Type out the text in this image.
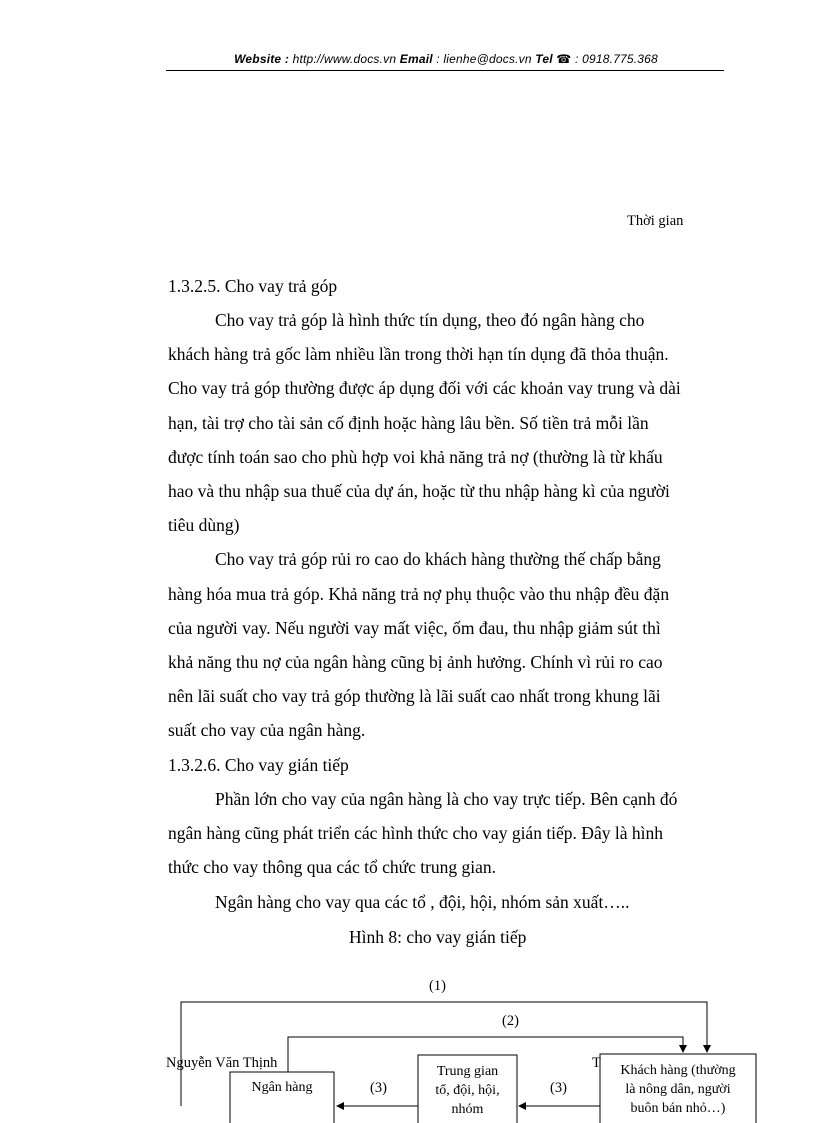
Website : http://www.docs.vn Email : lienhe@docs.vn Tel ☎ : 0918.775.368
Thời gian
1.3.2.5. Cho vay trả góp
Cho vay trả góp là hình thức tín dụng, theo đó ngân hàng cho
khách hàng trả gốc làm nhiều lần trong thời hạn tín dụng đã thỏa thuận.
Cho vay trả góp thường được áp dụng đối với các khoản vay trung và dài
hạn, tài trợ cho tài sản cố định hoặc hàng lâu bền. Số tiền trả mỗi lần
được tính toán sao cho phù hợp voi khả năng trả nợ (thường là từ khấu
hao và thu nhập sua thuế của dự án, hoặc từ thu nhập hàng kì của người
tiêu dùng)
Cho vay trả góp rủi ro cao do khách hàng thường thế chấp bằng
hàng hóa mua trả góp. Khả năng trả nợ phụ thuộc vào thu nhập đều đặn
của người vay. Nếu người vay mất việc, ốm đau, thu nhập giảm sút thì
khả năng thu nợ của ngân hàng cũng bị ảnh hưởng. Chính vì rủi ro cao
nên lãi suất cho vay trả góp thường là lãi suất cao nhất trong khung lãi
suất cho vay của ngân hàng.
1.3.2.6. Cho vay gián tiếp
Phần lớn cho vay của ngân hàng là cho vay trực tiếp. Bên cạnh đó
ngân hàng cũng phát triển các hình thức cho vay gián tiếp. Đây là hình
thức cho vay thông qua các tổ chức trung gian.
Ngân hàng cho vay qua các tổ , đội, hội, nhóm sản xuất…..
Hình 8: cho vay gián tiếp
(1)
(2)
(3)	(3)
Ngân hàng
Trung gian
tổ, đội, hội,
nhóm
Khách hàng (thường
là nông dân, người
buôn bán nhỏ…)
Nguyễn Văn Thịnh	T
